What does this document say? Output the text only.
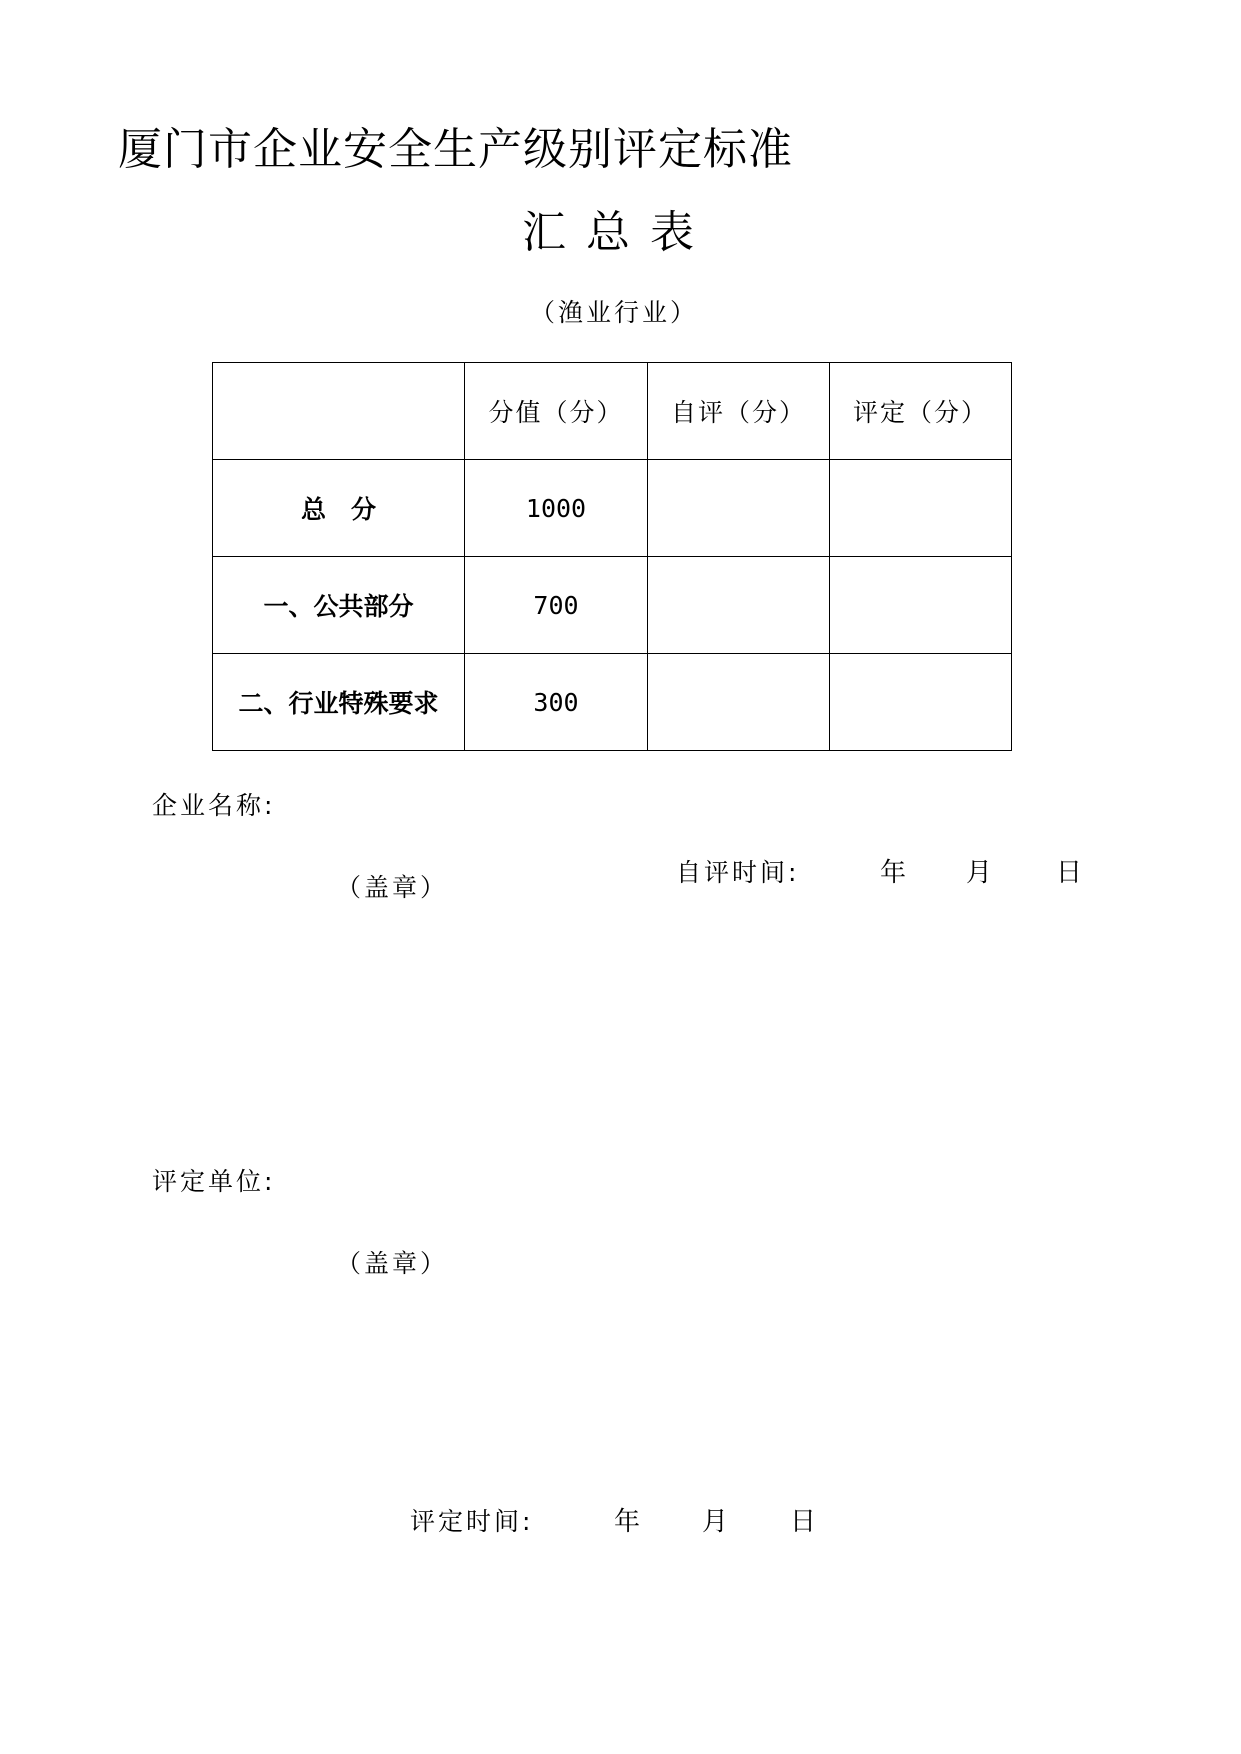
厦门市企业安全生产级别评定标准
汇总表
（渔业行业）
	分值（分）	自评（分）	评定（分）
总　分	1000		
一、公共部分	700		
二、行业特殊要求	300		
企业名称:
（盖章）
自评时间:	年 月 日
评定单位:
（盖章）
评定时间:	年 月 日
